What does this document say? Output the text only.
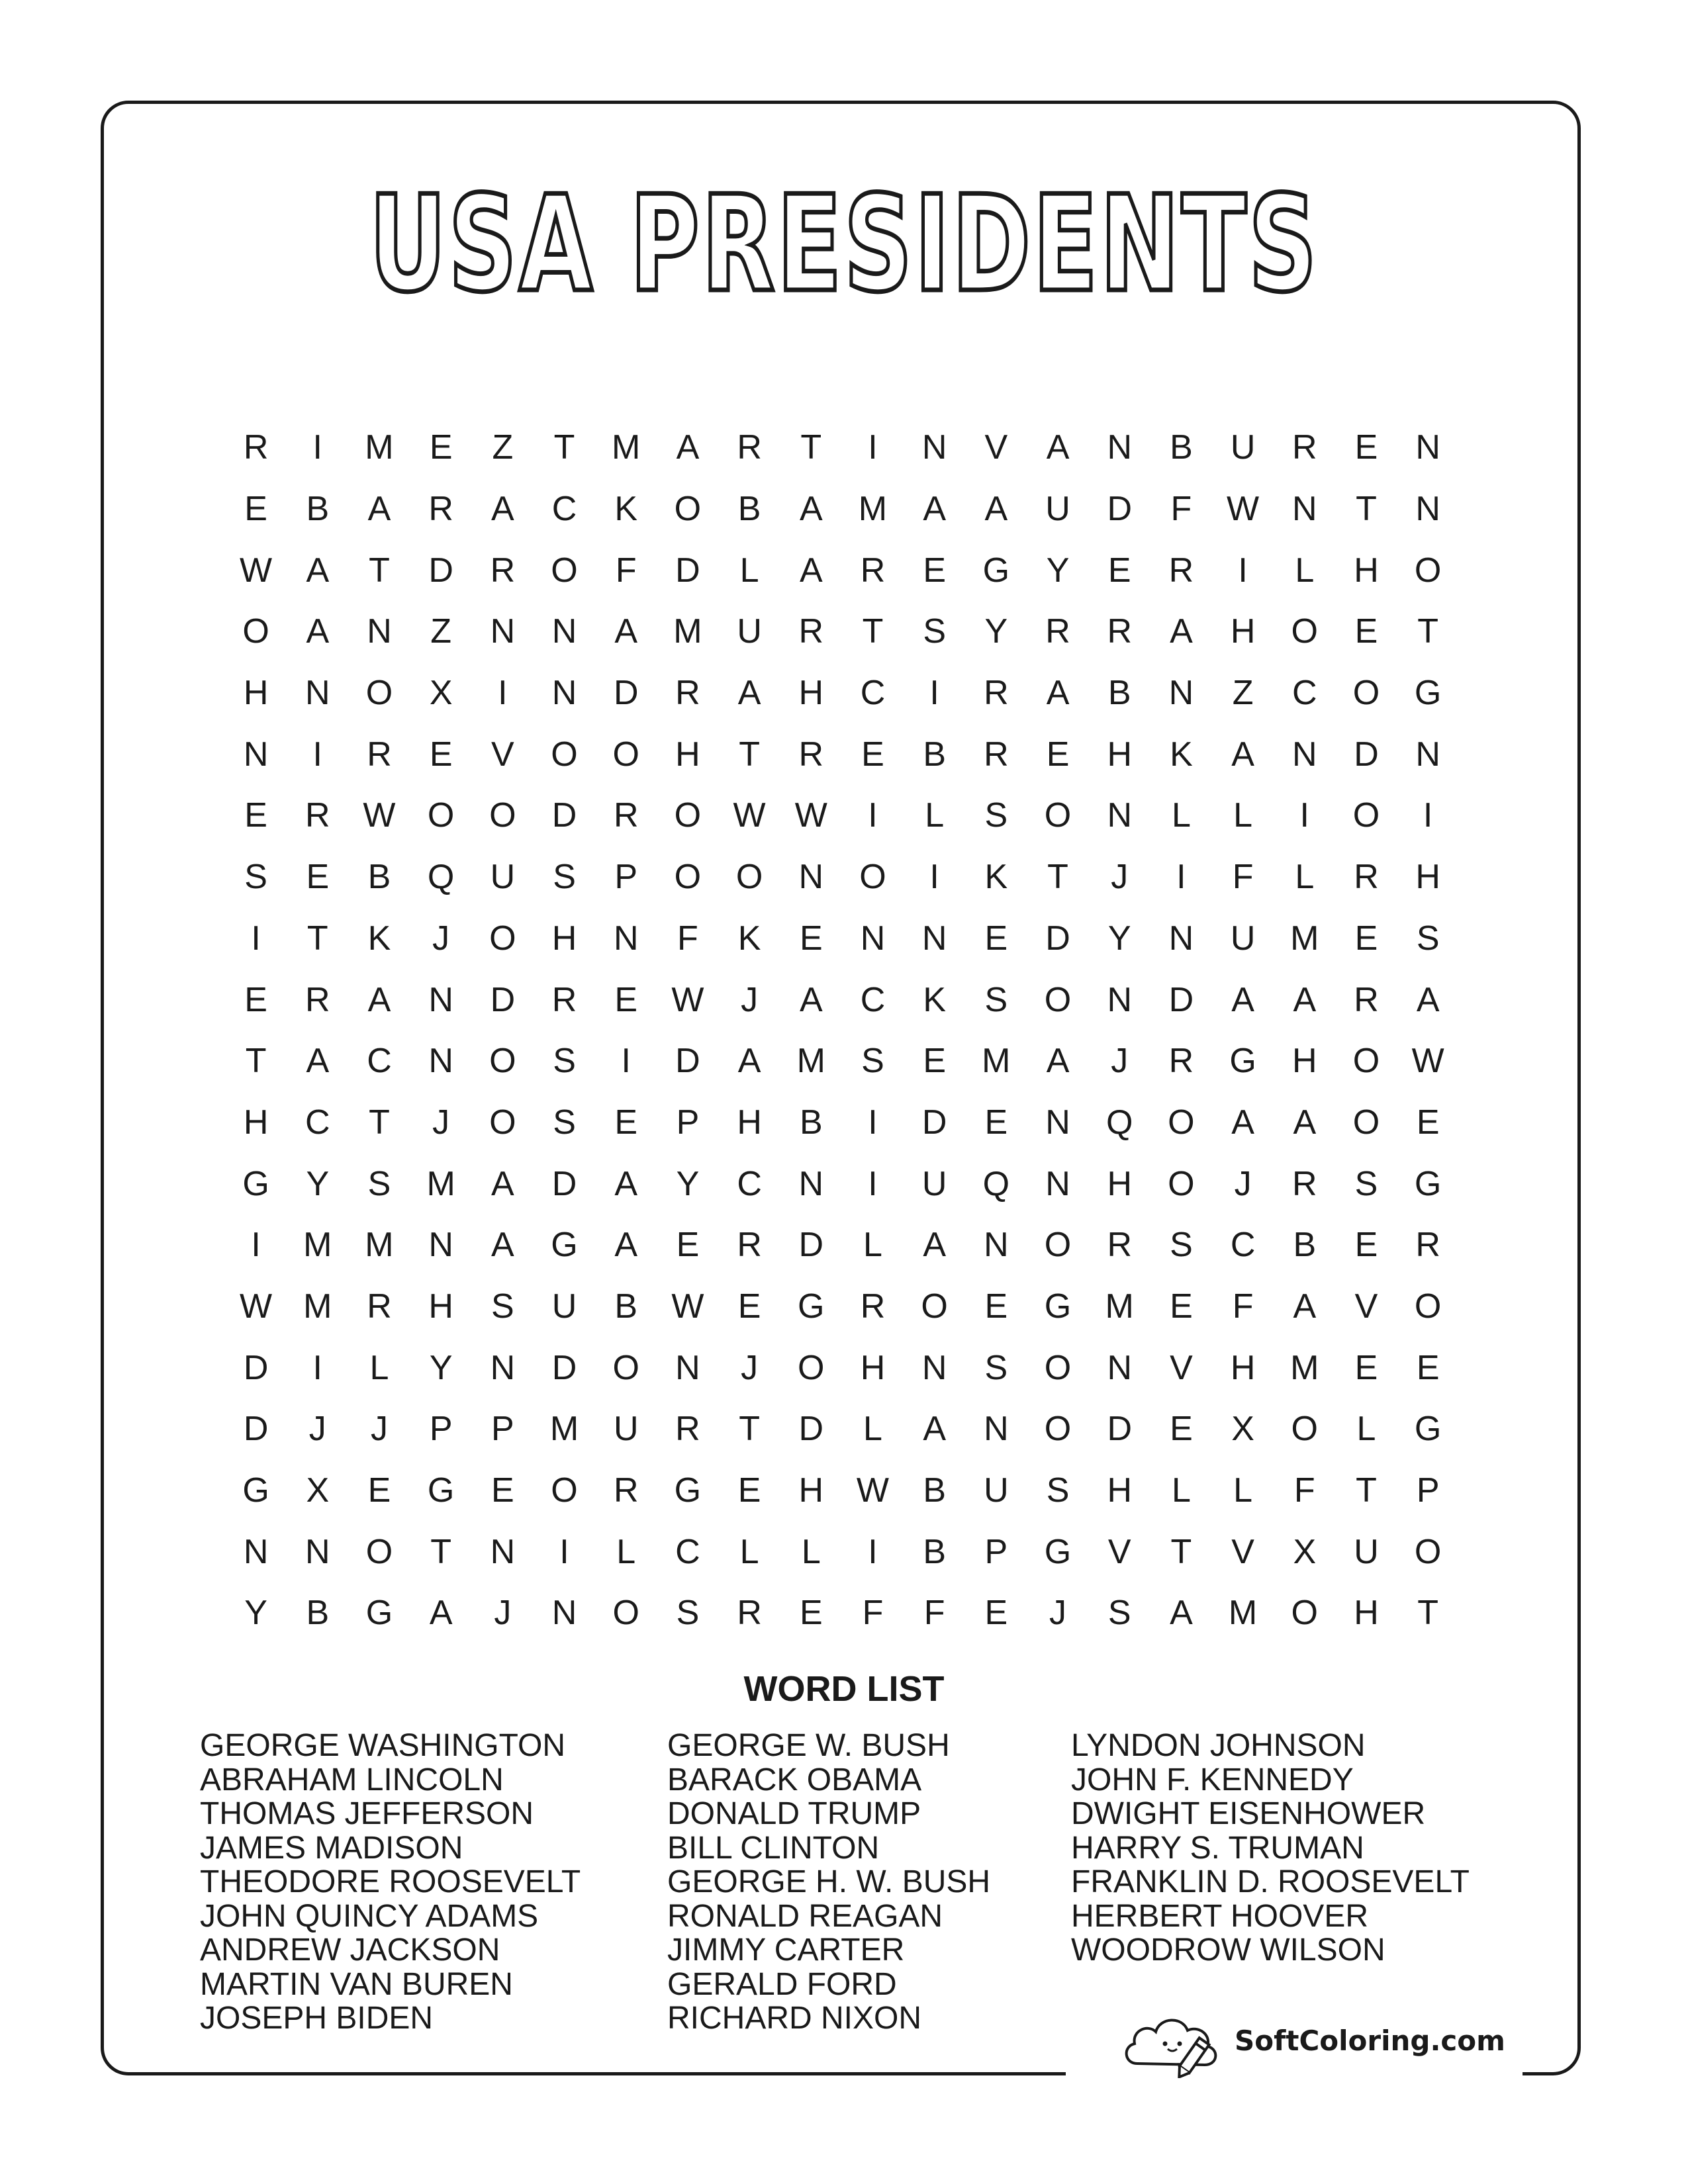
USA PRESIDENTS
R	I	M	E	Z	T	M	A	R	T	I	N	V	A	N	B	U	R	E	N
E	B	A	R	A	C	K	O	B	A	M	A	A	U	D	F	W N	T	N
W A	T	D	R	O	F	D	L	A	R	E	G	Y	E	R	I	L	H	O
O	A	N	Z	N	N	A	M	U	R	T	S	Y	R	R	A	H	O	E	T
H	N	O	X	I	N	D	R	A	H	C	I	R	A	B	N	Z	C	O	G
N	I	R	E	V	O	O	H	T	R	E	B	R	E	H	K	A	N	D	N
E	R W O	O	D	R	O W W	I	L	S	O	N	L	L	I	O	I
S	E	B	Q	U	S	P	O	O	N	O	I	K	T	J	I	F	L	R	H
I	T	K	J	O	H	N	F	K	E	N	N	E	D	Y	N	U	M	E	S
E	R	A	N	D	R	E W	J	A	C	K	S	O	N	D	A	A	R	A
T	A	C	N	O	S	I	D	A	M	S	E	M	A	J	R	G	H	O W
H	C	T	J	O	S	E	P	H	B	I	D	E	N	Q	O	A	A	O	E
G	Y	S	M	A	D	A	Y	C	N	I	U	Q	N	H	O	J	R	S	G
I	M M	N	A	G	A	E	R	D	L	A	N	O	R	S	C	B	E	R
W M	R	H	S	U	B W E	G	R	O	E	G M	E	F	A	V	O
D	I	L	Y	N	D	O	N	J	O	H	N	S	O	N	V	H	M	E	E
D	J	J	P	P	M	U	R	T	D	L	A	N	O	D	E	X	O	L	G
G	X	E	G	E	O	R	G	E	H W B	U	S	H	L	L	F	T	P
N	N	O	T	N	I	L	C	L	L	I	B	P	G	V	T	V	X	U	O
Y	B	G	A	J	N	O	S	R	E	F	F	E	J	S	A	M O	H	T
WORD LIST
GEORGE WASHINGTON
ABRAHAM LINCOLN
THOMAS JEFFERSON
JAMES MADISON
THEODORE ROOSEVELT
JOHN QUINCY ADAMS
ANDREW JACKSON
MARTIN VAN BUREN
JOSEPH BIDEN
GEORGE W. BUSH
BARACK OBAMA
DONALD TRUMP
BILL CLINTON
GEORGE H. W. BUSH
RONALD REAGAN
JIMMY CARTER
GERALD FORD
RICHARD NIXON
LYNDON JOHNSON
JOHN F. KENNEDY
DWIGHT EISENHOWER
HARRY S. TRUMAN
FRANKLIN D. ROOSEVELT
HERBERT HOOVER
WOODROW WILSON
SoftColoring.com
